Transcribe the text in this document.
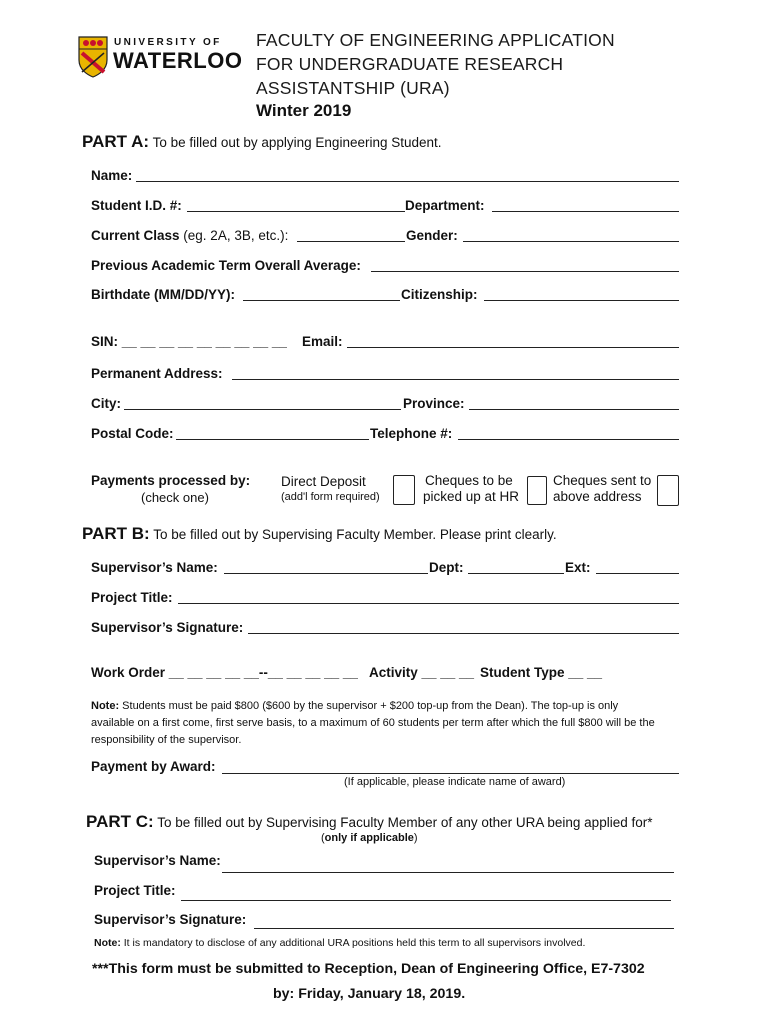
UNIVERSITY OF
WATERLOO
FACULTY OF ENGINEERING APPLICATION
FOR UNDERGRADUATE RESEARCH
ASSISTANTSHIP (URA)
Winter 2019
PART A: To be filled out by applying Engineering Student.
Name:
Student I.D. #:	Department:
Current Class (eg. 2A, 3B, etc.):	Gender:
Previous Academic Term Overall Average:
Birthdate (MM/DD/YY):	Citizenship:
SIN: __ __ __ __ __ __ __ __ __ Email:
Permanent Address:
City:	Province:
Postal Code:	Telephone #:
Payments processed by:
(check one)
Direct Deposit
(add'l form required)
Cheques to be
picked up at HR
Cheques sent to
above address
PART B: To be filled out by Supervising Faculty Member. Please print clearly.
Supervisor’s Name:	Dept:	Ext:
Project Title:
Supervisor’s Signature:
Work Order __ __ __ __ __--__ __ __ __ __ Activity __ __ __ Student Type __ __
Note: Students must be paid $800 ($600 by the supervisor + $200 top-up from the Dean). The top-up is only
available on a first come, first serve basis, to a maximum of 60 students per term after which the full $800 will be the
responsibility of the supervisor.
Payment by Award:
(If applicable, please indicate name of award)
PART C: To be filled out by Supervising Faculty Member of any other URA being applied for*
(only if applicable)
Supervisor’s Name:
Project Title:
Supervisor’s Signature:
Note: It is mandatory to disclose of any additional URA positions held this term to all supervisors involved.
***This form must be submitted to Reception, Dean of Engineering Office, E7-7302
by: Friday, January 18, 2019.
